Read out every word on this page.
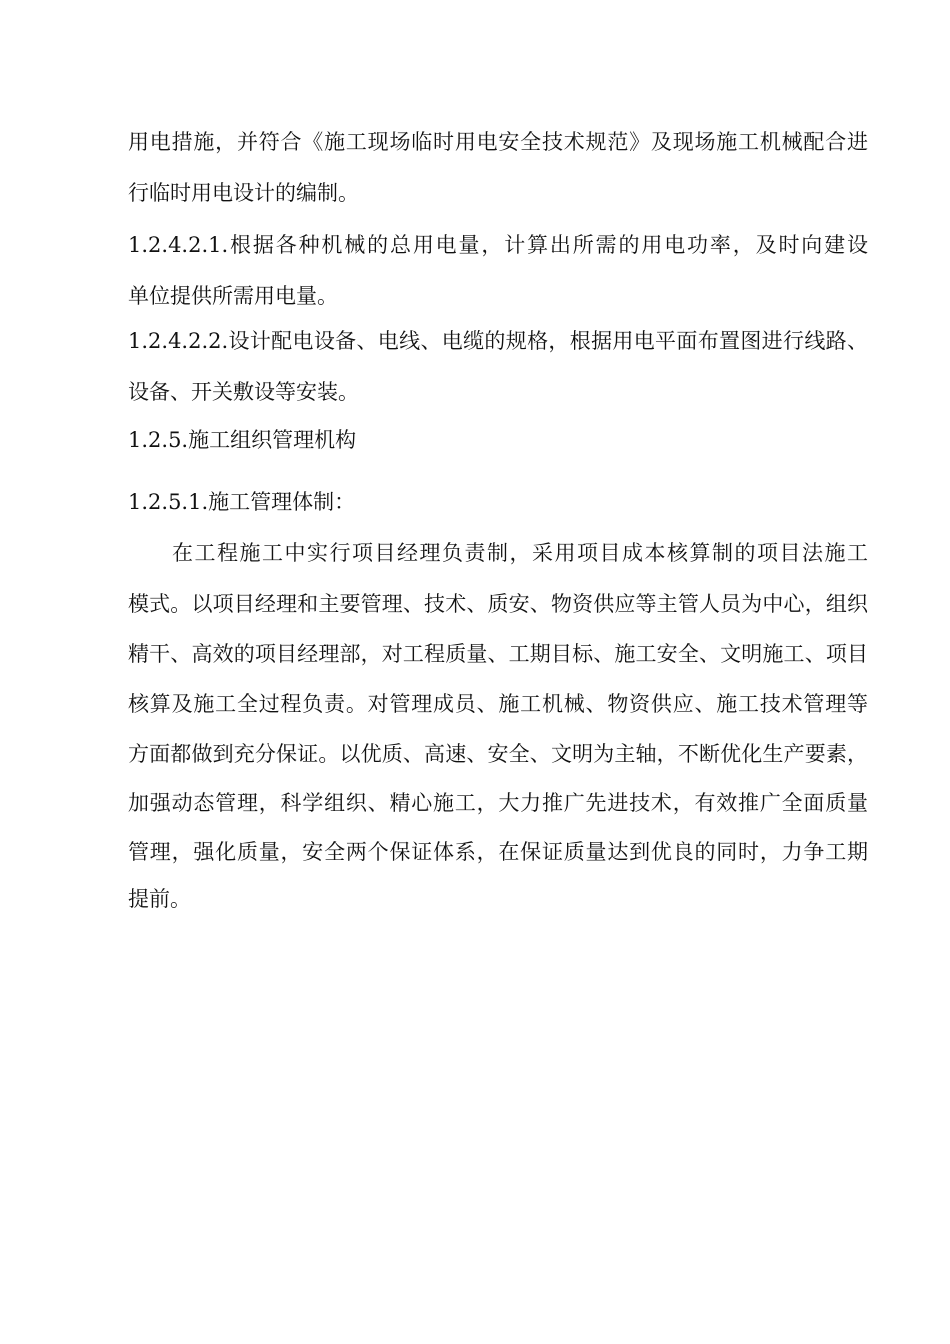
用电措施，并符合《施工现场临时用电安全技术规范》及现场施工机械配合进
行临时用电设计的编制。
1.2.4.2.1.根据各种机械的总用电量，计算出所需的用电功率，及时向建设
单位提供所需用电量。
1.2.4.2.2.设计配电设备、电线、电缆的规格，根据用电平面布置图进行线路、
设备、开关敷设等安装。
1.2.5.施工组织管理机构
1.2.5.1.施工管理体制：
在工程施工中实行项目经理负责制，采用项目成本核算制的项目法施工
模式。以项目经理和主要管理、技术、质安、物资供应等主管人员为中心，组织
精干、高效的项目经理部，对工程质量、工期目标、施工安全、文明施工、项目
核算及施工全过程负责。对管理成员、施工机械、物资供应、施工技术管理等
方面都做到充分保证。以优质、高速、安全、文明为主轴，不断优化生产要素，
加强动态管理，科学组织、精心施工，大力推广先进技术，有效推广全面质量
管理，强化质量，安全两个保证体系，在保证质量达到优良的同时，力争工期
提前。
